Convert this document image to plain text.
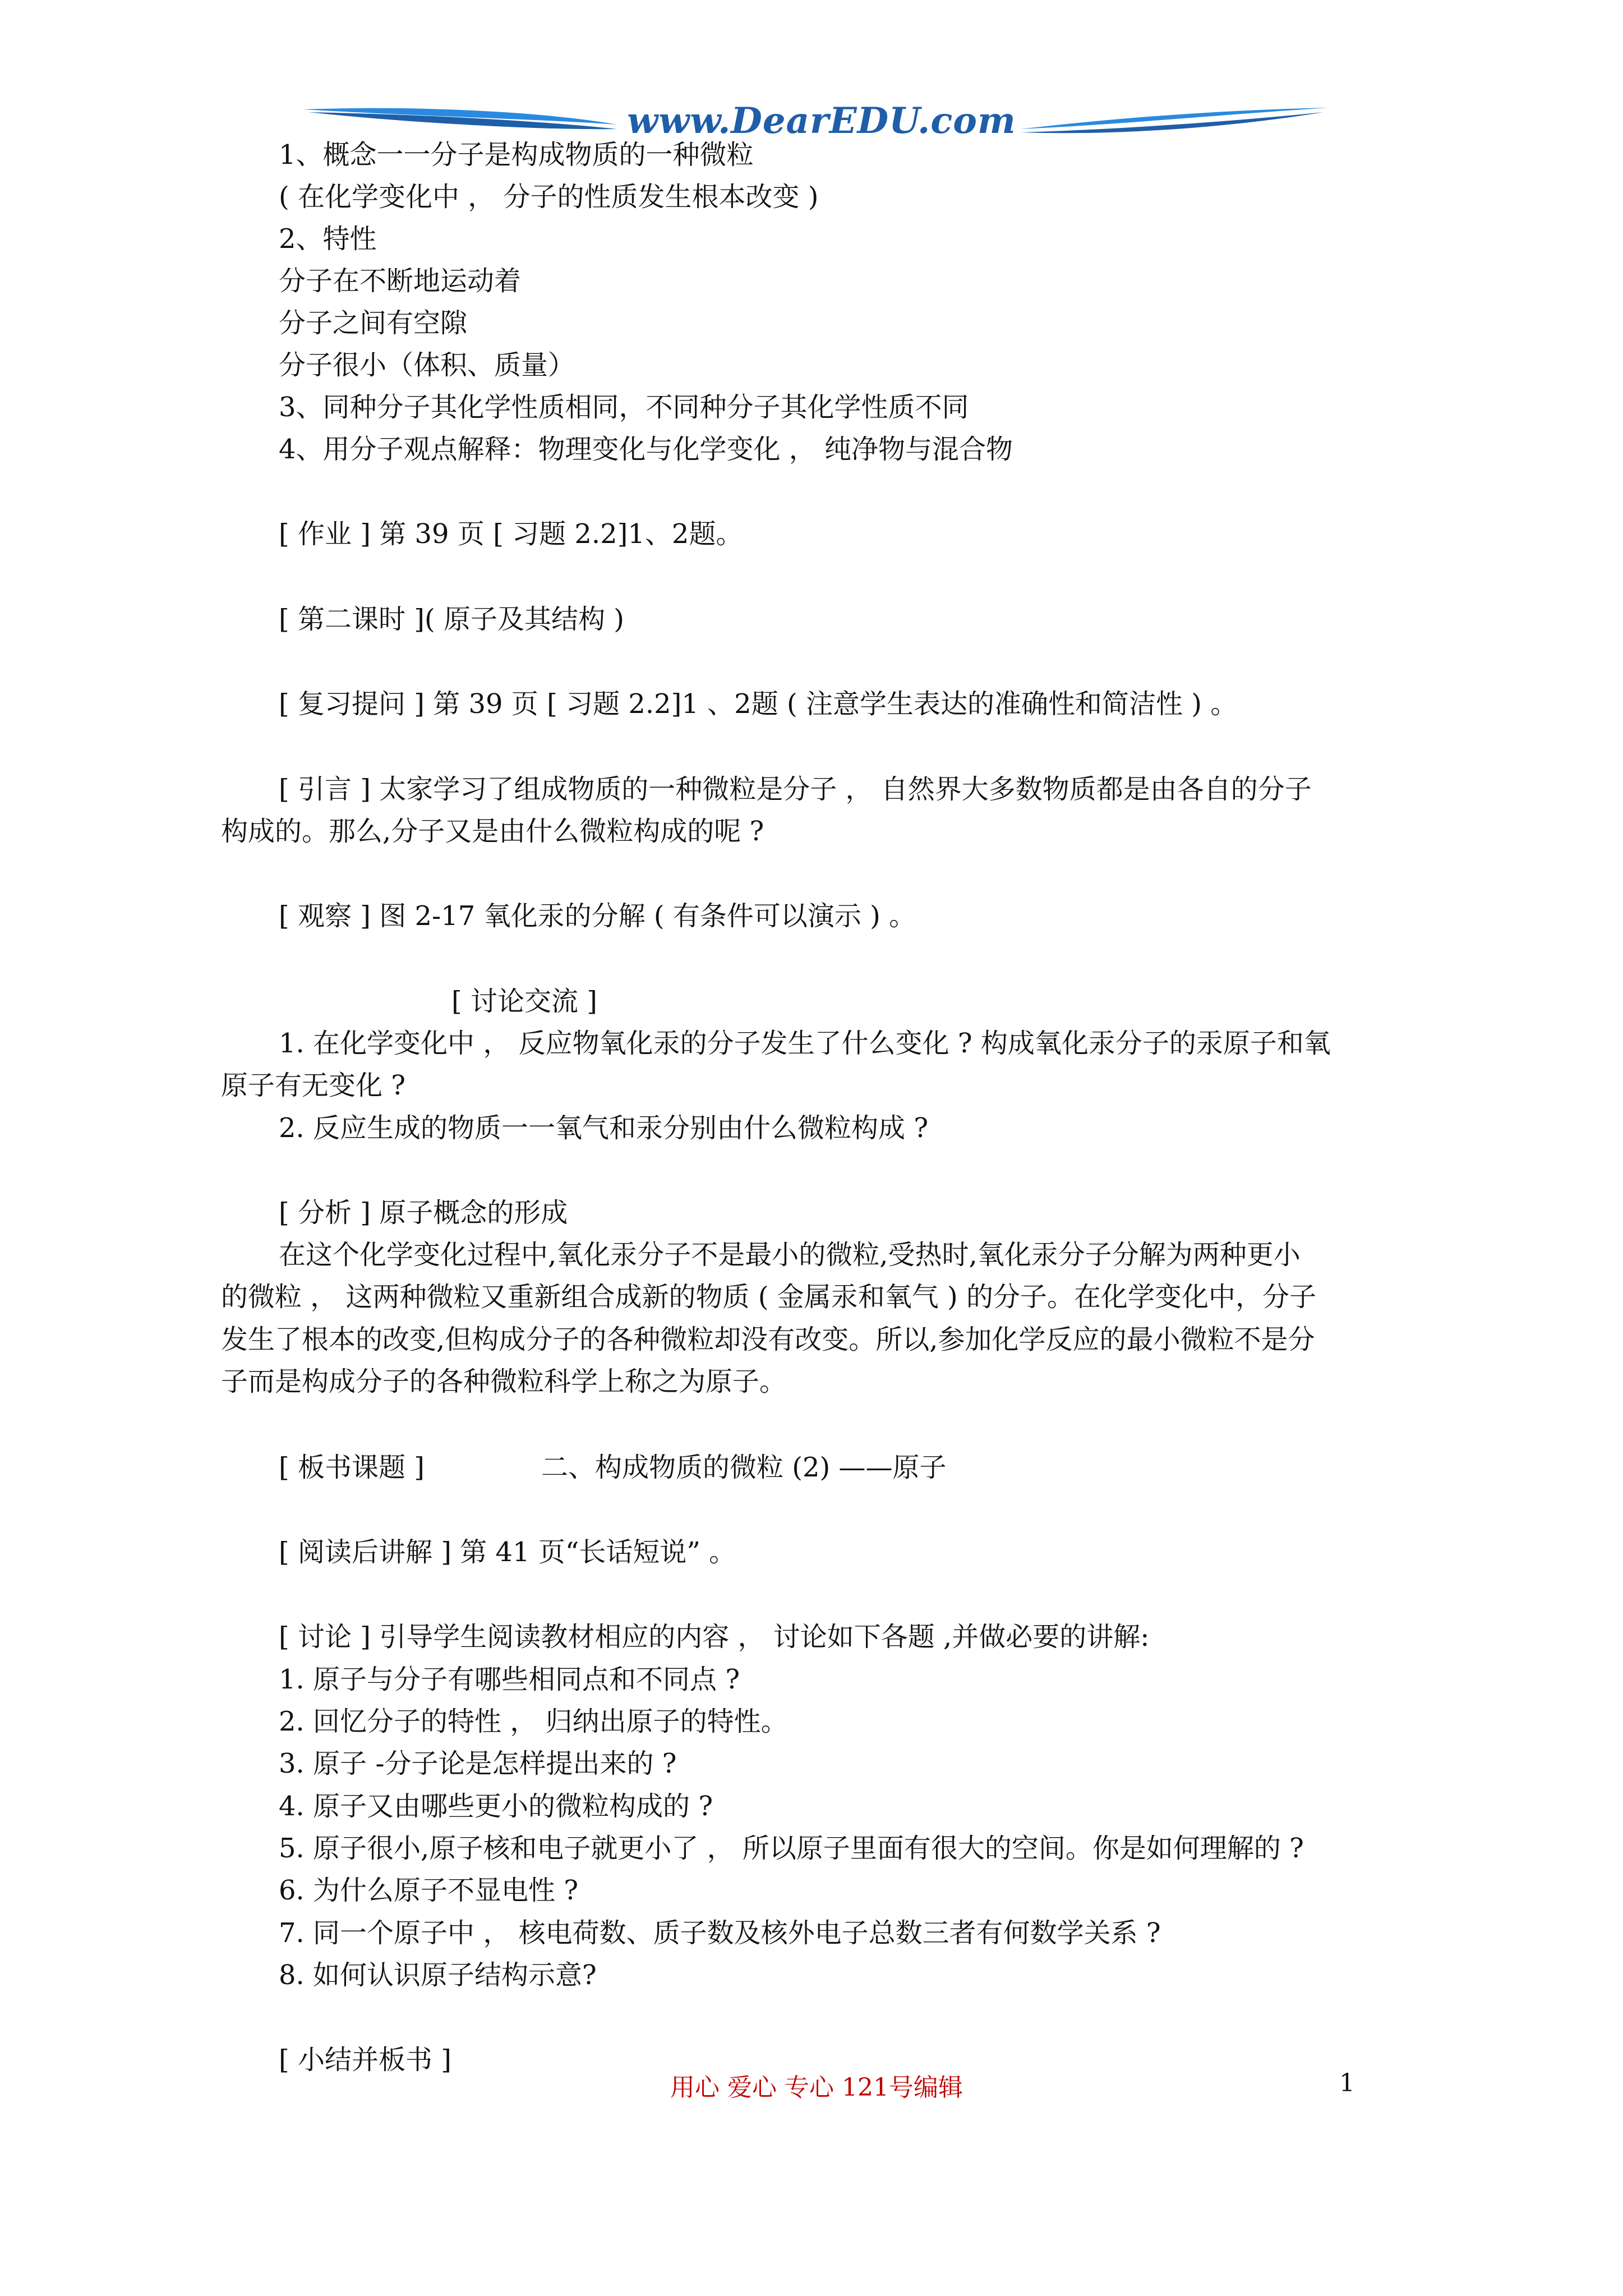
www.DearEDU.com
1、概念一一分子是构成物质的一种微粒
( 在化学变化中 ， 分子的性质发生根本改变 )
2、特性
分子在不断地运动着
分子之间有空隙
分子很小（体积、质量）
3、同种分子其化学性质相同，不同种分子其化学性质不同
4、用分子观点解释：物理变化与化学变化 ， 纯净物与混合物
[ 作业 ] 第 39 页 [ 习题 2.2]1、2题。
[ 第二课时 ]( 原子及其结构 )
[ 复习提问 ] 第 39 页 [ 习题 2.2]1 、2题 ( 注意学生表达的准确性和简洁性 ) 。
[ 引言 ] 太家学习了组成物质的一种微粒是分子 ， 自然界大多数物质都是由各自的分子
构成的。那么,分子又是由什么微粒构成的呢 ?
[ 观察 ] 图 2-17 氧化汞的分解 ( 有条件可以演示 ) 。
[ 讨论交流 ]
1. 在化学变化中 ， 反应物氧化汞的分子发生了什么变化 ? 构成氧化汞分子的汞原子和氧
原子有无变化 ?
2. 反应生成的物质一一氧气和汞分别由什么微粒构成 ?
[ 分析 ] 原子概念的形成
在这个化学变化过程中,氧化汞分子不是最小的微粒,受热时,氧化汞分子分解为两种更小
的微粒 ， 这两种微粒又重新组合成新的物质 ( 金属汞和氧气 ) 的分子。在化学变化中，分子
发生了根本的改变,但构成分子的各种微粒却没有改变。所以,参加化学反应的最小微粒不是分
子而是构成分子的各种微粒科学上称之为原子。
[ 板书课题 ]	二、构成物质的微粒 (2) ——原子
[ 阅读后讲解 ] 第 41 页“长话短说” 。
[ 讨论 ] 引导学生阅读教材相应的内容 ， 讨论如下各题 ,并做必要的讲解:
1. 原子与分子有哪些相同点和不同点 ?
2. 回忆分子的特性 ， 归纳出原子的特性。
3. 原子 -分子论是怎样提出来的 ?
4. 原子又由哪些更小的微粒构成的 ?
5. 原子很小,原子核和电子就更小了 ， 所以原子里面有很大的空间。你是如何理解的 ?
6. 为什么原子不显电性 ?
7. 同一个原子中 ， 核电荷数、质子数及核外电子总数三者有何数学关系 ?
8. 如何认识原子结构示意?
[ 小结并板书 ]
用心 爱心 专心 121号编辑	1
